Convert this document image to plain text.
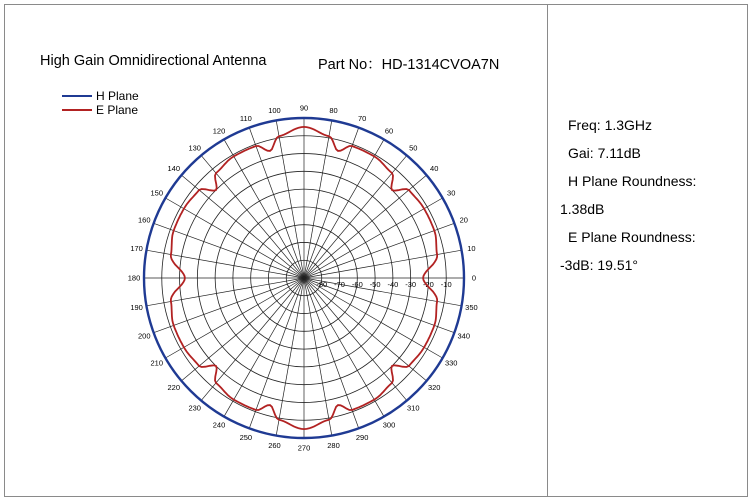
High Gain Omnidirectional Antenna	Part No：HD-1314CVOA7N
H Plane
E Plane
0
10
20
30
40
50
60
70
80
90
100
110
120
130
140
150
160
170
180
190
200
210
220
230
240
250
260 270 280
290
300
310
320
330
340
350
-10
-20
-30
-40
-50
-60
-70
-80
Freq: 1.3GHz
Gai: 7.11dB
H Plane Roundness:
1.38dB
E Plane Roundness:
-3dB: 19.51°
